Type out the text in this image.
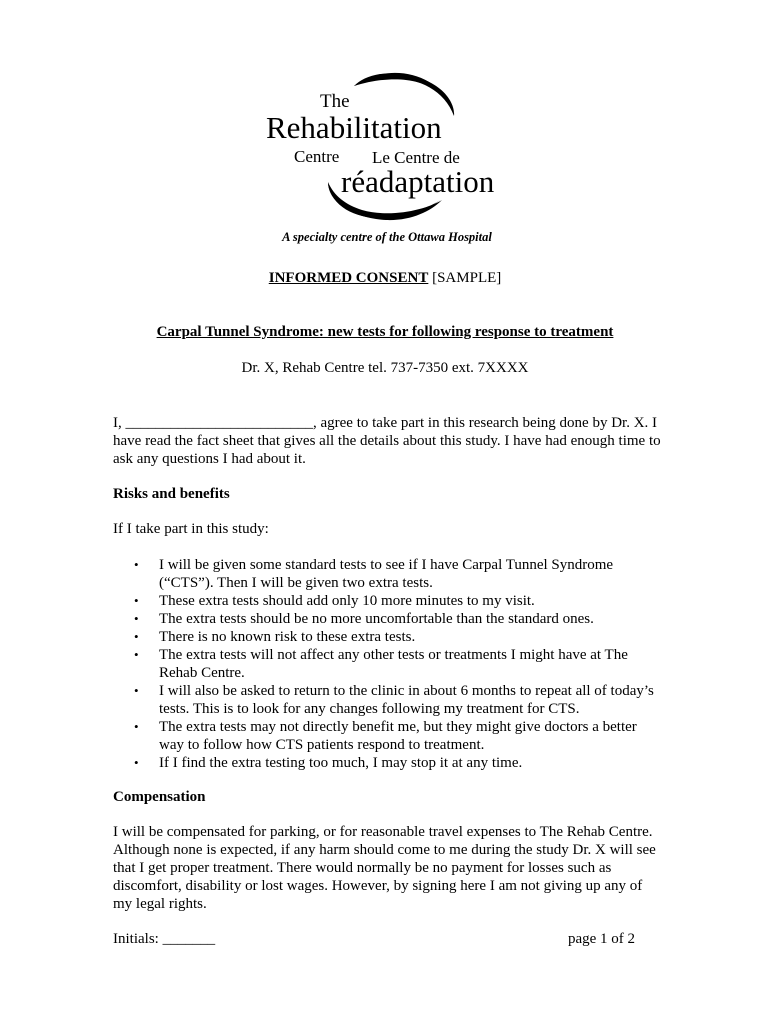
The
Rehabilitation
Centre Le Centre de
réadaptation
A specialty centre of the Ottawa Hospital
INFORMED CONSENT [SAMPLE]
Carpal Tunnel Syndrome: new tests for following response to treatment
Dr. X, Rehab Centre tel. 737-7350 ext. 7XXXX
I, _________________________, agree to take part in this research being done by Dr. X. I have read the fact sheet that gives all the details about this study. I have had enough time to ask any questions I had about it.
Risks and benefits
If I take part in this study:
• I will be given some standard tests to see if I have Carpal Tunnel Syndrome (“CTS”). Then I will be given two extra tests.
• These extra tests should add only 10 more minutes to my visit.
• The extra tests should be no more uncomfortable than the standard ones.
• There is no known risk to these extra tests.
• The extra tests will not affect any other tests or treatments I might have at The Rehab Centre.
• I will also be asked to return to the clinic in about 6 months to repeat all of today’s tests. This is to look for any changes following my treatment for CTS.
• The extra tests may not directly benefit me, but they might give doctors a better way to follow how CTS patients respond to treatment.
• If I find the extra testing too much, I may stop it at any time.
Compensation
I will be compensated for parking, or for reasonable travel expenses to The Rehab Centre. Although none is expected, if any harm should come to me during the study Dr. X will see that I get proper treatment. There would normally be no payment for losses such as discomfort, disability or lost wages. However, by signing here I am not giving up any of my legal rights.
Initials: _______	page 1 of 2
